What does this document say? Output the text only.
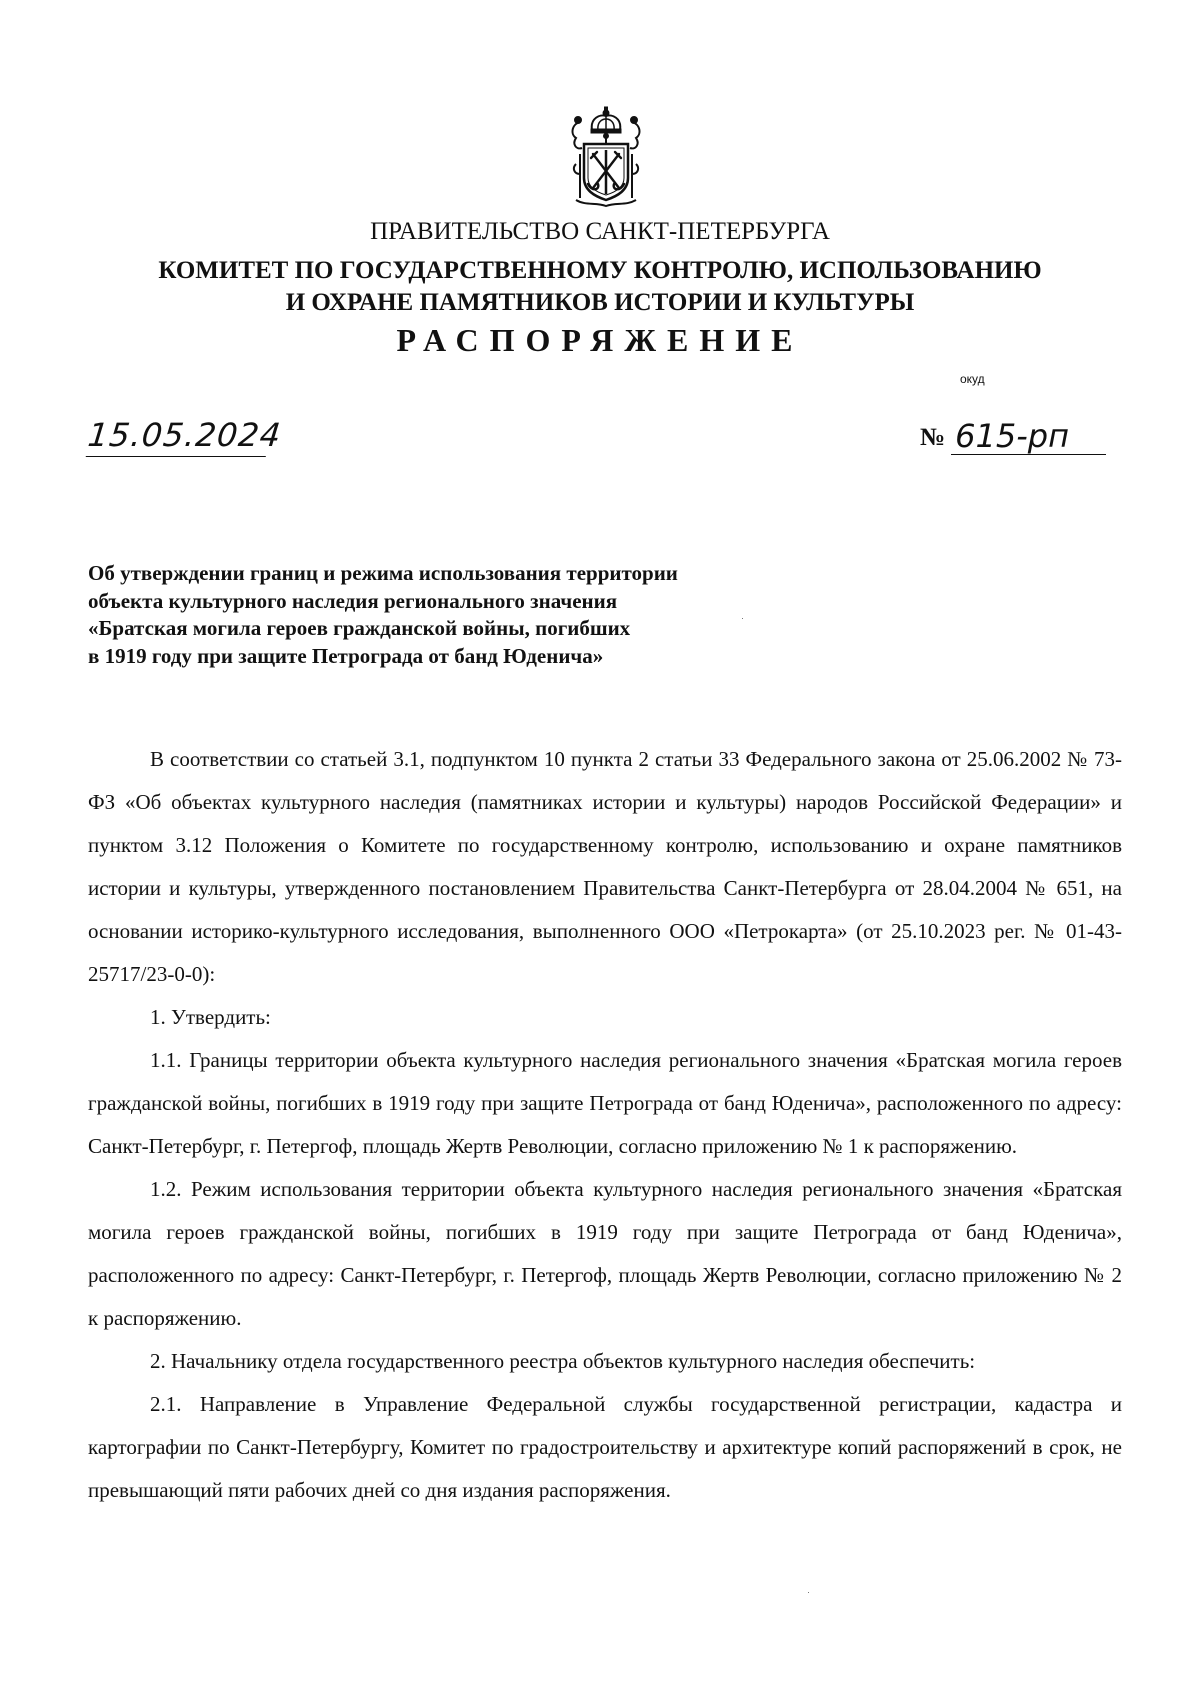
ПРАВИТЕЛЬСТВО САНКТ-ПЕТЕРБУРГА
КОМИТЕТ ПО ГОСУДАРСТВЕННОМУ КОНТРОЛЮ, ИСПОЛЬЗОВАНИЮ
И ОХРАНЕ ПАМЯТНИКОВ ИСТОРИИ И КУЛЬТУРЫ
РАСПОРЯЖЕНИЕ
окуд
15.05.2024	№ 615-рп
Об утверждении границ и режима использования территории
объекта культурного наследия регионального значения
«Братская могила героев гражданской войны, погибших
в 1919 году при защите Петрограда от банд Юденича»

В соответствии со статьей 3.1, подпунктом 10 пункта 2 статьи 33 Федерального закона от 25.06.2002 № 73-ФЗ «Об объектах культурного наследия (памятниках истории и культуры) народов Российской Федерации» и пунктом 3.12 Положения о Комитете по государственному контролю, использованию и охране памятников истории и культуры, утвержденного постановлением Правительства Санкт-Петербурга от 28.04.2004 № 651, на основании историко-культурного исследования, выполненного ООО «Петрокарта» (от 25.10.2023 рег. № 01-43-25717/23-0-0):

1. Утвердить:

1.1. Границы территории объекта культурного наследия регионального значения «Братская могила героев гражданской войны, погибших в 1919 году при защите Петрограда от банд Юденича», расположенного по адресу: Санкт-Петербург, г. Петергоф, площадь Жертв Революции, согласно приложению № 1 к распоряжению.

1.2. Режим использования территории объекта культурного наследия регионального значения «Братская могила героев гражданской войны, погибших в 1919 году при защите Петрограда от банд Юденича», расположенного по адресу: Санкт-Петербург, г. Петергоф, площадь Жертв Революции, согласно приложению № 2 к распоряжению.

2. Начальнику отдела государственного реестра объектов культурного наследия обеспечить:

2.1. Направление в Управление Федеральной службы государственной регистрации, кадастра и картографии по Санкт-Петербургу, Комитет по градостроительству и архитектуре копий распоряжений в срок, не превышающий пяти рабочих дней со дня издания распоряжения.
